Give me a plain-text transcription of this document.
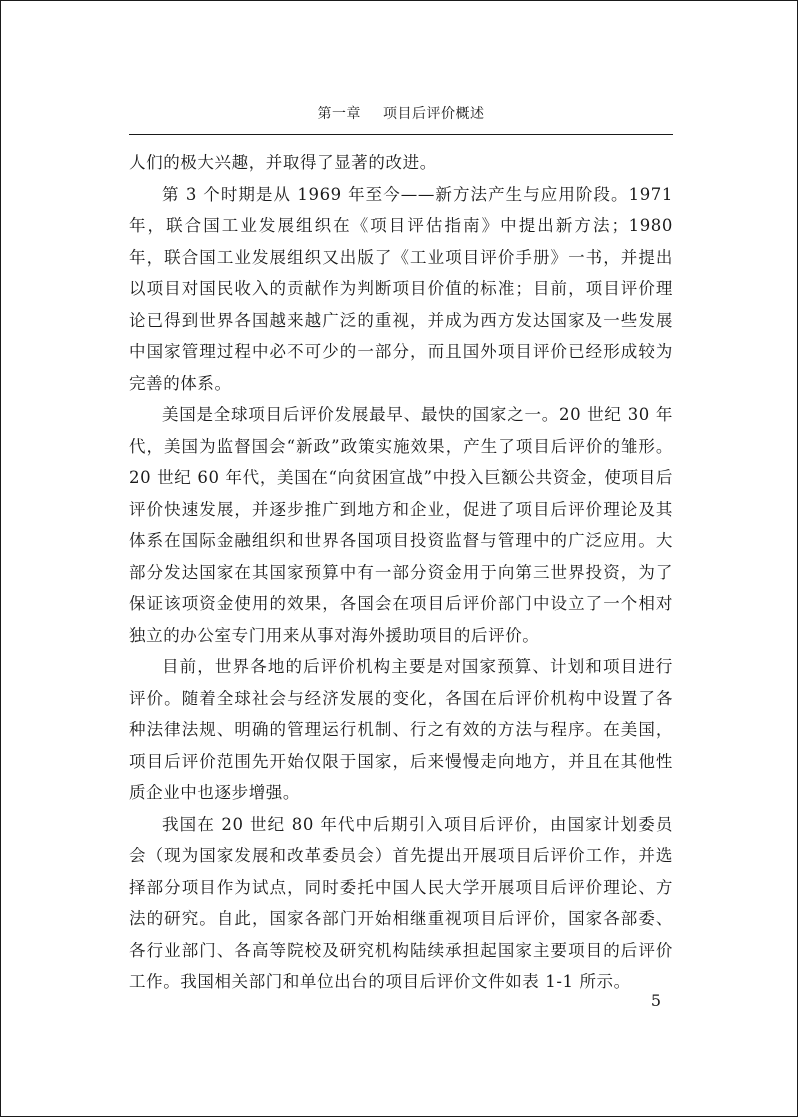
第一章 项目后评价概述

人们的极大兴趣，并取得了显著的改进。

第 3 个时期是从 1969 年至今——新方法产生与应用阶段。1971 年，联合国工业发展组织在《项目评估指南》中提出新方法；1980 年，联合国工业发展组织又出版了《工业项目评价手册》一书，并提出以项目对国民收入的贡献作为判断项目价值的标准；目前，项目评价理论已得到世界各国越来越广泛的重视，并成为西方发达国家及一些发展中国家管理过程中必不可少的一部分，而且国外项目评价已经形成较为完善的体系。

美国是全球项目后评价发展最早、最快的国家之一。20 世纪 30 年代，美国为监督国会“新政”政策实施效果，产生了项目后评价的雏形。20 世纪 60 年代，美国在“向贫困宣战”中投入巨额公共资金，使项目后评价快速发展，并逐步推广到地方和企业，促进了项目后评价理论及其体系在国际金融组织和世界各国项目投资监督与管理中的广泛应用。大部分发达国家在其国家预算中有一部分资金用于向第三世界投资，为了保证该项资金使用的效果，各国会在项目后评价部门中设立了一个相对独立的办公室专门用来从事对海外援助项目的后评价。

目前，世界各地的后评价机构主要是对国家预算、计划和项目进行评价。随着全球社会与经济发展的变化，各国在后评价机构中设置了各种法律法规、明确的管理运行机制、行之有效的方法与程序。在美国，项目后评价范围先开始仅限于国家，后来慢慢走向地方，并且在其他性质企业中也逐步增强。

我国在 20 世纪 80 年代中后期引入项目后评价，由国家计划委员会（现为国家发展和改革委员会）首先提出开展项目后评价工作，并选择部分项目作为试点，同时委托中国人民大学开展项目后评价理论、方法的研究。自此，国家各部门开始相继重视项目后评价，国家各部委、各行业部门、各高等院校及研究机构陆续承担起国家主要项目的后评价工作。我国相关部门和单位出台的项目后评价文件如表 1-1 所示。

5
